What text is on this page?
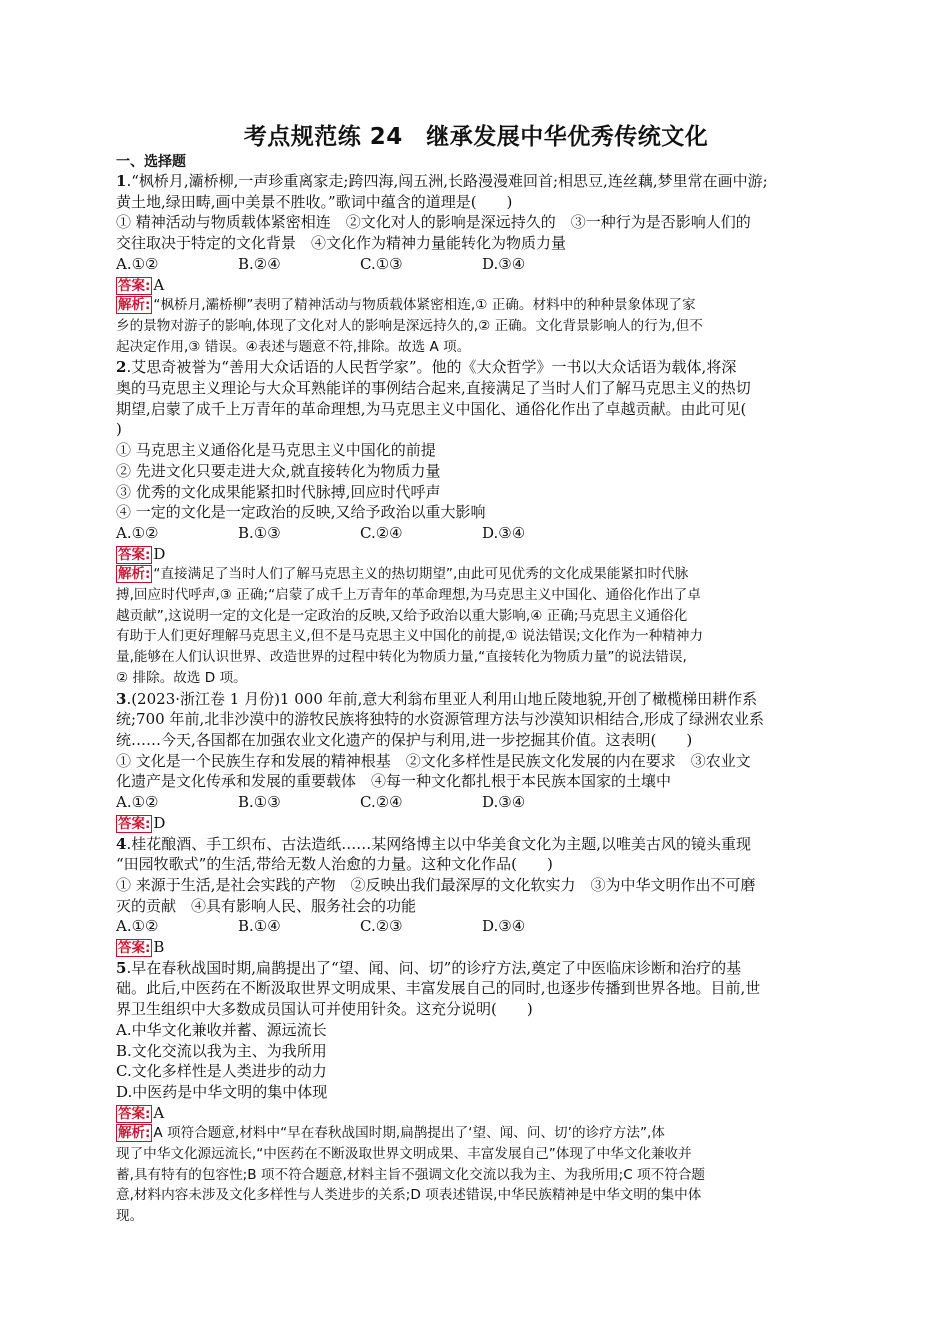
考点规范练 24　继承发展中华优秀传统文化
一、选择题
1.“枫桥月,灞桥柳,一声珍重离家走;跨四海,闯五洲,长路漫漫难回首;相思豆,连丝藕,梦里常在画中游;
黄土地,绿田畴,画中美景不胜收。”歌词中蕴含的道理是(　　)
① 精神活动与物质载体紧密相连　②文化对人的影响是深远持久的　③一种行为是否影响人们的
交往取决于特定的文化背景　④文化作为精神力量能转化为物质力量
A.①②	B.②④	C.①③	D.③④
答案: A
解析: “枫桥月,灞桥柳”表明了精神活动与物质载体紧密相连,① 正确。材料中的种种景象体现了家
乡的景物对游子的影响,体现了文化对人的影响是深远持久的,② 正确。文化背景影响人的行为,但不
起决定作用,③ 错误。④表述与题意不符,排除。故选 A 项。
2.艾思奇被誉为“善用大众话语的人民哲学家”。他的《大众哲学》一书以大众话语为载体,将深
奥的马克思主义理论与大众耳熟能详的事例结合起来,直接满足了当时人们了解马克思主义的热切
期望,启蒙了成千上万青年的革命理想,为马克思主义中国化、通俗化作出了卓越贡献。由此可见(
)
① 马克思主义通俗化是马克思主义中国化的前提
② 先进文化只要走进大众,就直接转化为物质力量
③ 优秀的文化成果能紧扣时代脉搏,回应时代呼声
④ 一定的文化是一定政治的反映,又给予政治以重大影响
A.①②	B.①③	C.②④	D.③④
答案: D
解析: “直接满足了当时人们了解马克思主义的热切期望”,由此可见优秀的文化成果能紧扣时代脉
搏,回应时代呼声,③ 正确;“启蒙了成千上万青年的革命理想,为马克思主义中国化、通俗化作出了卓
越贡献”,这说明一定的文化是一定政治的反映,又给予政治以重大影响,④ 正确;马克思主义通俗化
有助于人们更好理解马克思主义,但不是马克思主义中国化的前提,① 说法错误;文化作为一种精神力
量,能够在人们认识世界、改造世界的过程中转化为物质力量,“直接转化为物质力量”的说法错误,
② 排除。故选 D 项。
3.(2023·浙江卷 1 月份)1 000 年前,意大利翁布里亚人利用山地丘陵地貌,开创了橄榄梯田耕作系
统;700 年前,北非沙漠中的游牧民族将独特的水资源管理方法与沙漠知识相结合,形成了绿洲农业系
统……今天,各国都在加强农业文化遗产的保护与利用,进一步挖掘其价值。这表明(　　)
① 文化是一个民族生存和发展的精神根基　②文化多样性是民族文化发展的内在要求　③农业文
化遗产是文化传承和发展的重要载体　④每一种文化都扎根于本民族本国家的土壤中
A.①②	B.①③	C.②④	D.③④
答案: D
4.桂花酿酒、手工织布、古法造纸……某网络博主以中华美食文化为主题,以唯美古风的镜头重现
“田园牧歌式”的生活,带给无数人治愈的力量。这种文化作品(　　)
① 来源于生活,是社会实践的产物　②反映出我们最深厚的文化软实力　③为中华文明作出不可磨
灭的贡献　④具有影响人民、服务社会的功能
A.①②	B.①④	C.②③	D.③④
答案: B
5.早在春秋战国时期,扁鹊提出了“望、闻、问、切”的诊疗方法,奠定了中医临床诊断和治疗的基
础。此后,中医药在不断汲取世界文明成果、丰富发展自己的同时,也逐步传播到世界各地。目前,世
界卫生组织中大多数成员国认可并使用针灸。这充分说明(　　)
A.中华文化兼收并蓄、源远流长
B.文化交流以我为主、为我所用
C.文化多样性是人类进步的动力
D.中医药是中华文明的集中体现
答案: A
解析: A 项符合题意,材料中“早在春秋战国时期,扁鹊提出了‘望、闻、问、切’的诊疗方法”,体
现了中华文化源远流长,“中医药在不断汲取世界文明成果、丰富发展自己”体现了中华文化兼收并
蓄,具有特有的包容性;B 项不符合题意,材料主旨不强调文化交流以我为主、为我所用;C 项不符合题
意,材料内容未涉及文化多样性与人类进步的关系;D 项表述错误,中华民族精神是中华文明的集中体
现。
